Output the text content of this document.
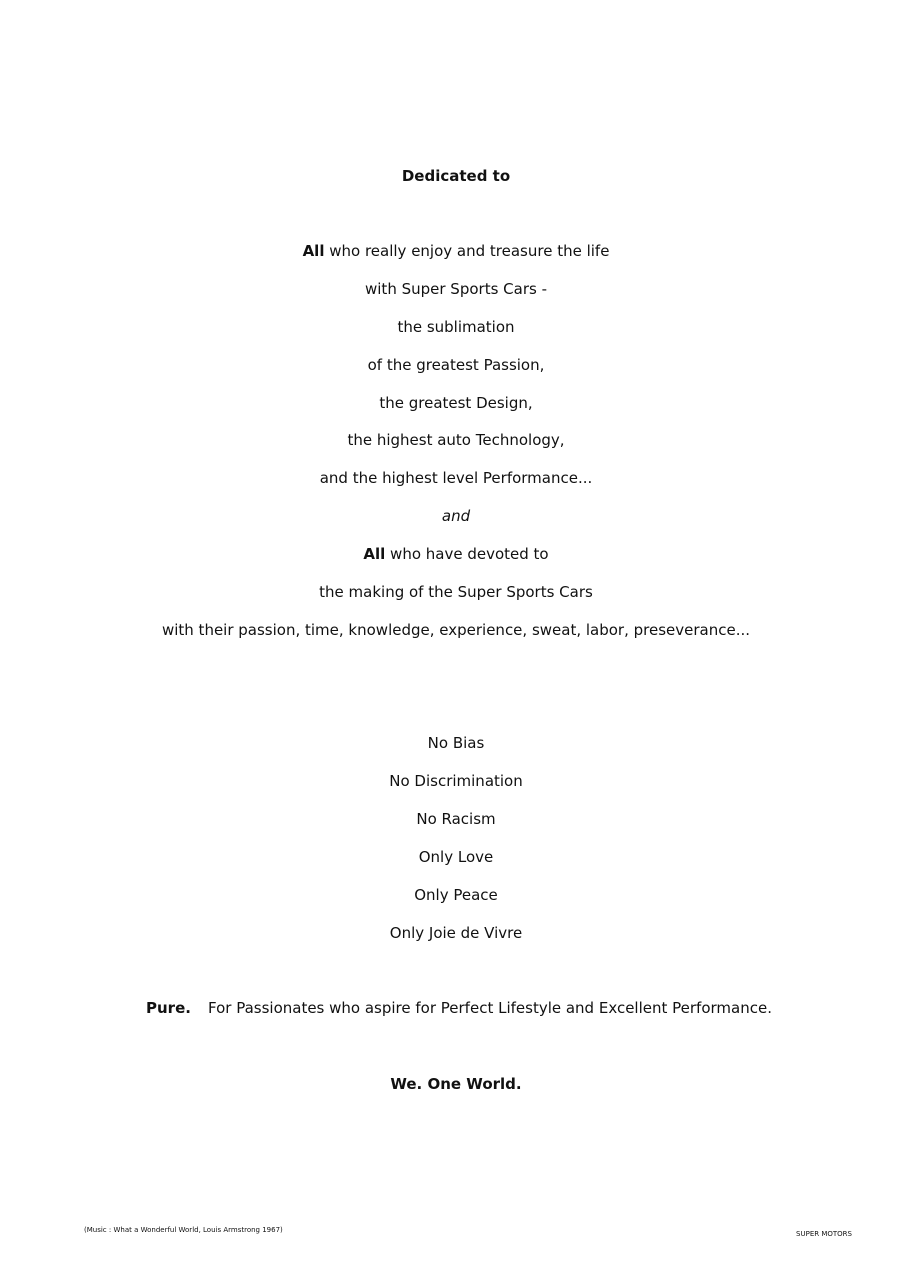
Dedicated to
All who really enjoy and treasure the life
with Super Sports Cars -
the sublimation
of the greatest Passion,
the greatest Design,
the highest auto Technology,
and the highest level Performance...
and
All who have devoted to
the making of the Super Sports Cars
with their passion, time, knowledge, experience, sweat, labor, preseverance...
No Bias
No Discrimination
No Racism
Only Love
Only Peace
Only Joie de Vivre
Pure. For Passionates who aspire for Perfect Lifestyle and Excellent Performance.
We. One World.
(Music : What a Wonderful World, Louis Armstrong 1967)	SUPER MOTORS
